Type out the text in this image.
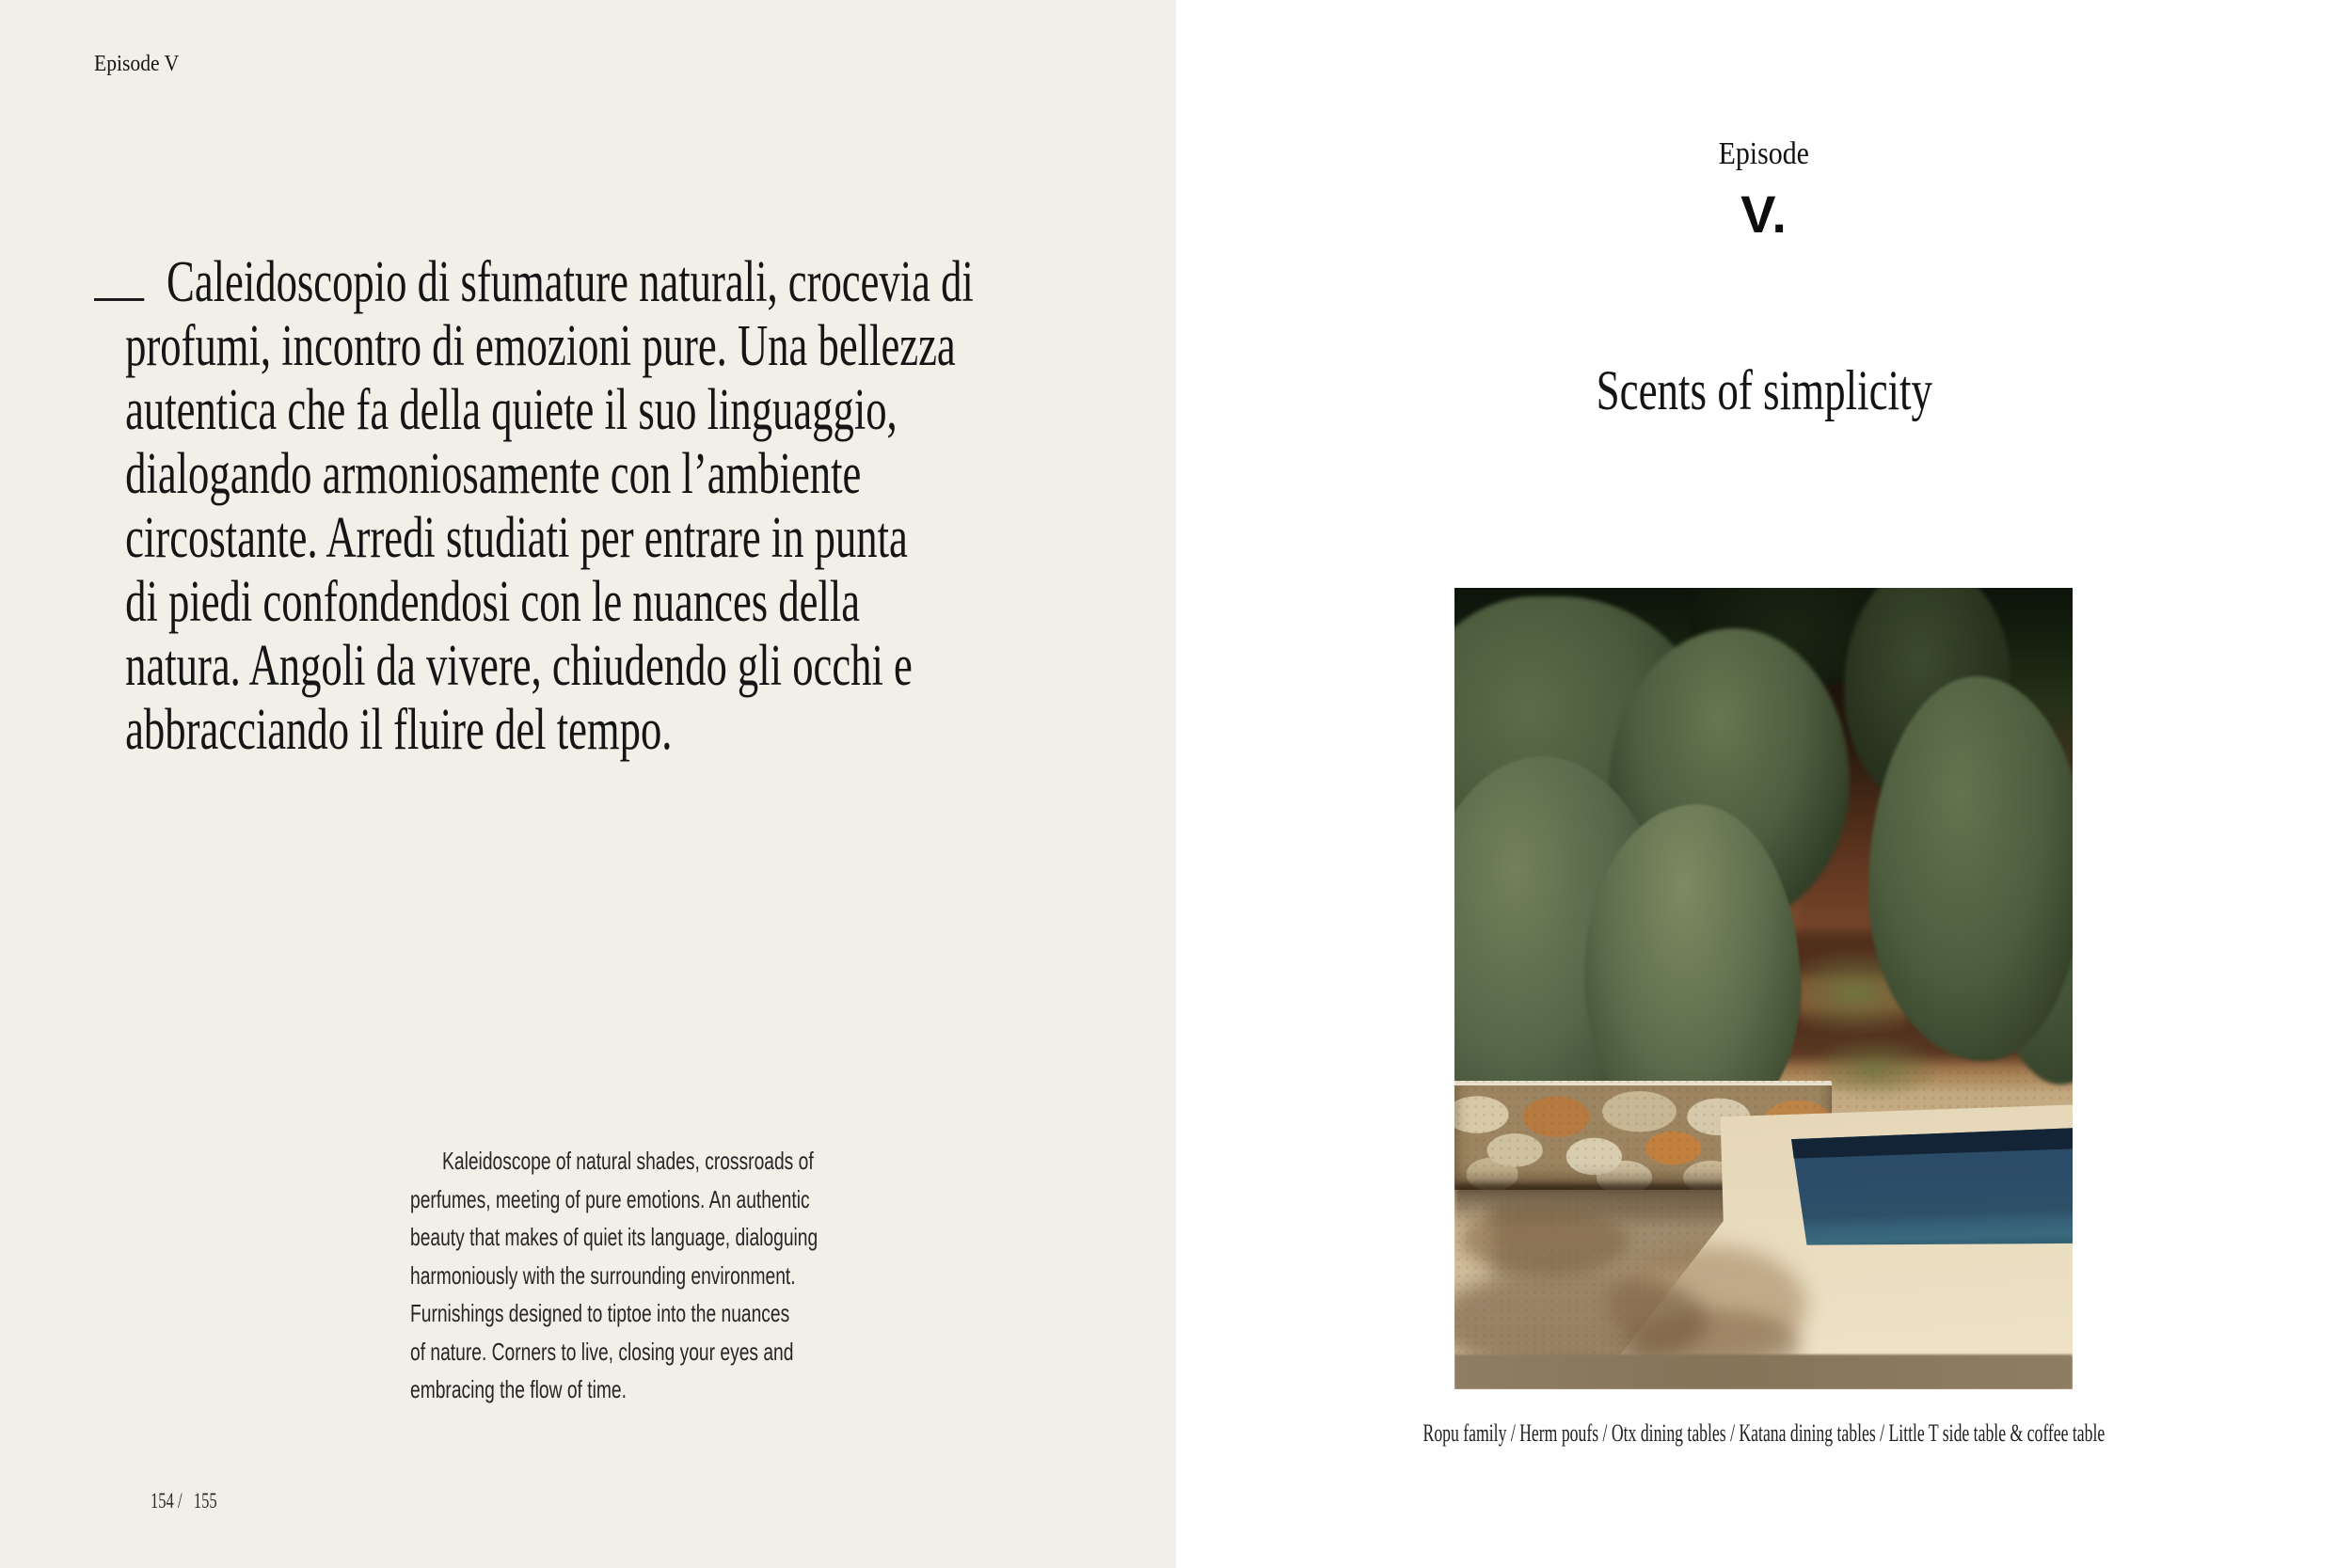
Episode V
Caleidoscopio di sfumature naturali, crocevia di
profumi, incontro di emozioni pure. Una bellezza
autentica che fa della quiete il suo linguaggio,
dialogando armoniosamente con l’ambiente
circostante. Arredi studiati per entrare in punta
di piedi confondendosi con le nuances della
natura. Angoli da vivere, chiudendo gli occhi e
abbracciando il fluire del tempo.
Kaleidoscope of natural shades, crossroads of
perfumes, meeting of pure emotions. An authentic
beauty that makes of quiet its language, dialoguing
harmoniously with the surrounding environment.
Furnishings designed to tiptoe into the nuances
of nature. Corners to live, closing your eyes and
embracing the flow of time.
154 / 155
Episode
V.
Scents of simplicity
Ropu family / Herm poufs / Otx dining tables / Katana dining tables / Little T side table & coffee table
